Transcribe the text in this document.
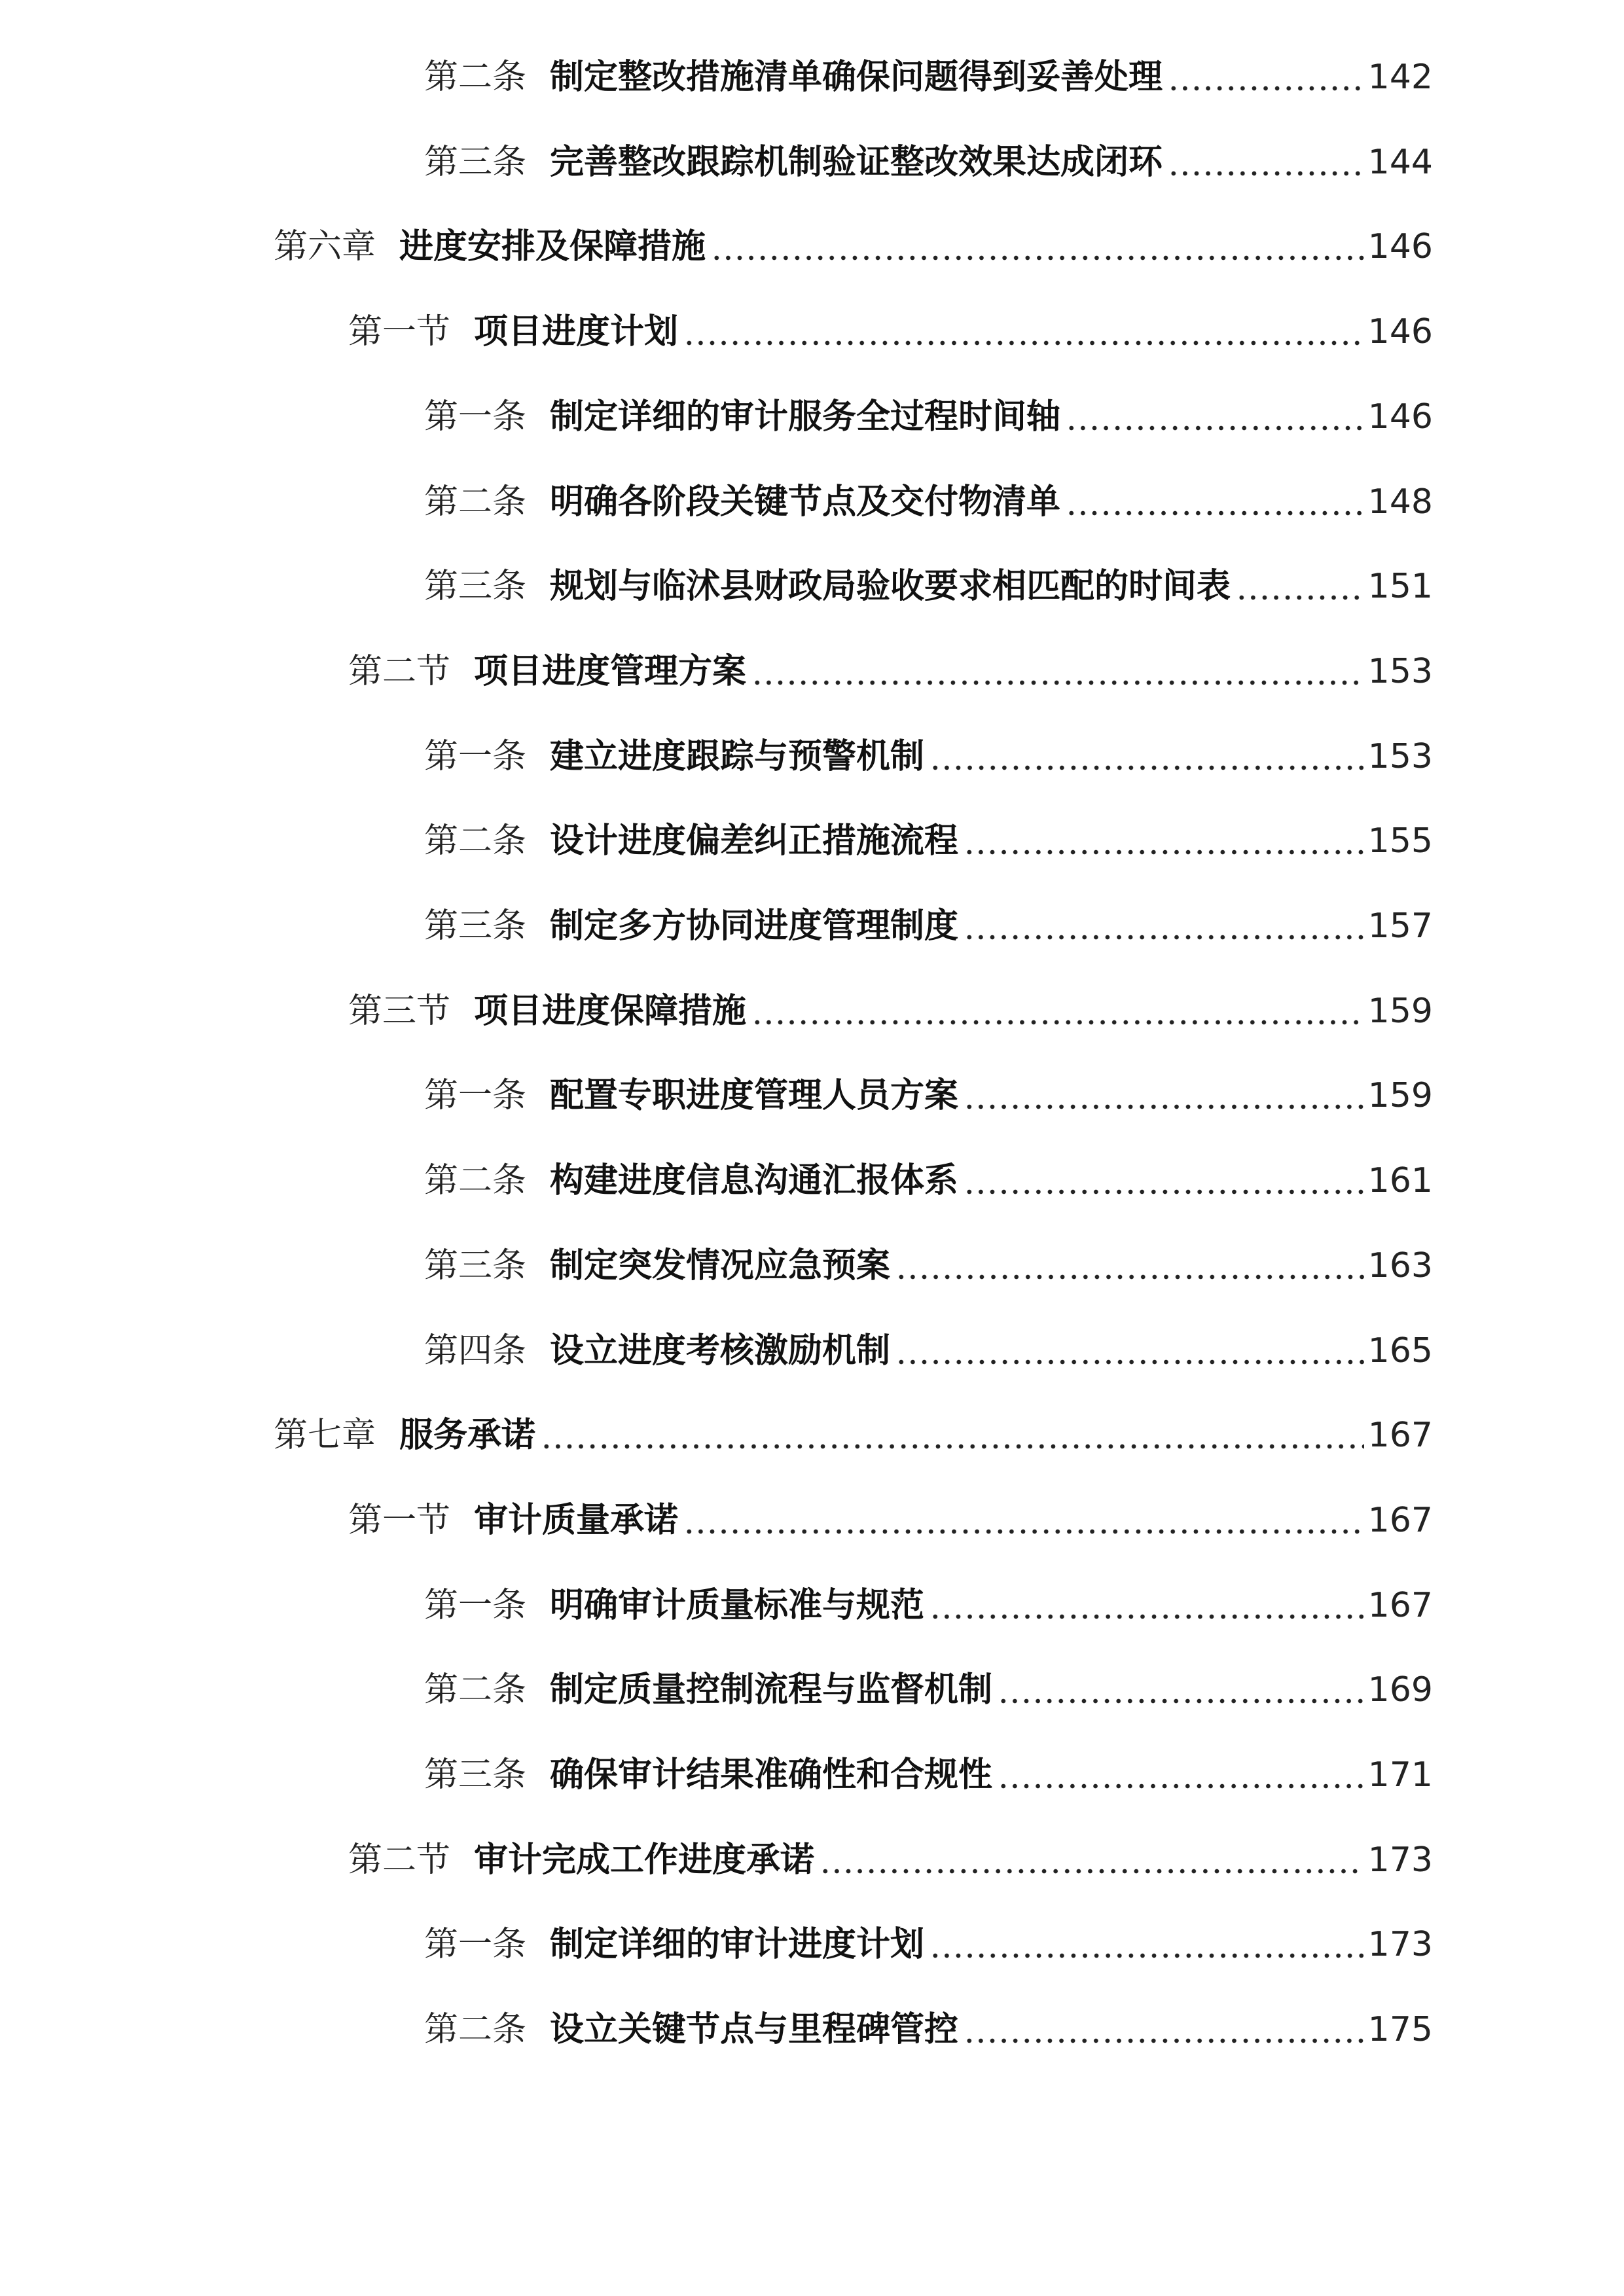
第二条 制定整改措施清单确保问题得到妥善处理	142
第三条 完善整改跟踪机制验证整改效果达成闭环	144
第六章 进度安排及保障措施	146
第一节 项目进度计划	146
第一条 制定详细的审计服务全过程时间轴	146
第二条 明确各阶段关键节点及交付物清单	148
第三条 规划与临沭县财政局验收要求相匹配的时间表	151
第二节 项目进度管理方案	153
第一条 建立进度跟踪与预警机制	153
第二条 设计进度偏差纠正措施流程	155
第三条 制定多方协同进度管理制度	157
第三节 项目进度保障措施	159
第一条 配置专职进度管理人员方案	159
第二条 构建进度信息沟通汇报体系	161
第三条 制定突发情况应急预案	163
第四条 设立进度考核激励机制	165
第七章 服务承诺	167
第一节 审计质量承诺	167
第一条 明确审计质量标准与规范	167
第二条 制定质量控制流程与监督机制	169
第三条 确保审计结果准确性和合规性	171
第二节 审计完成工作进度承诺	173
第一条 制定详细的审计进度计划	173
第二条 设立关键节点与里程碑管控	175
